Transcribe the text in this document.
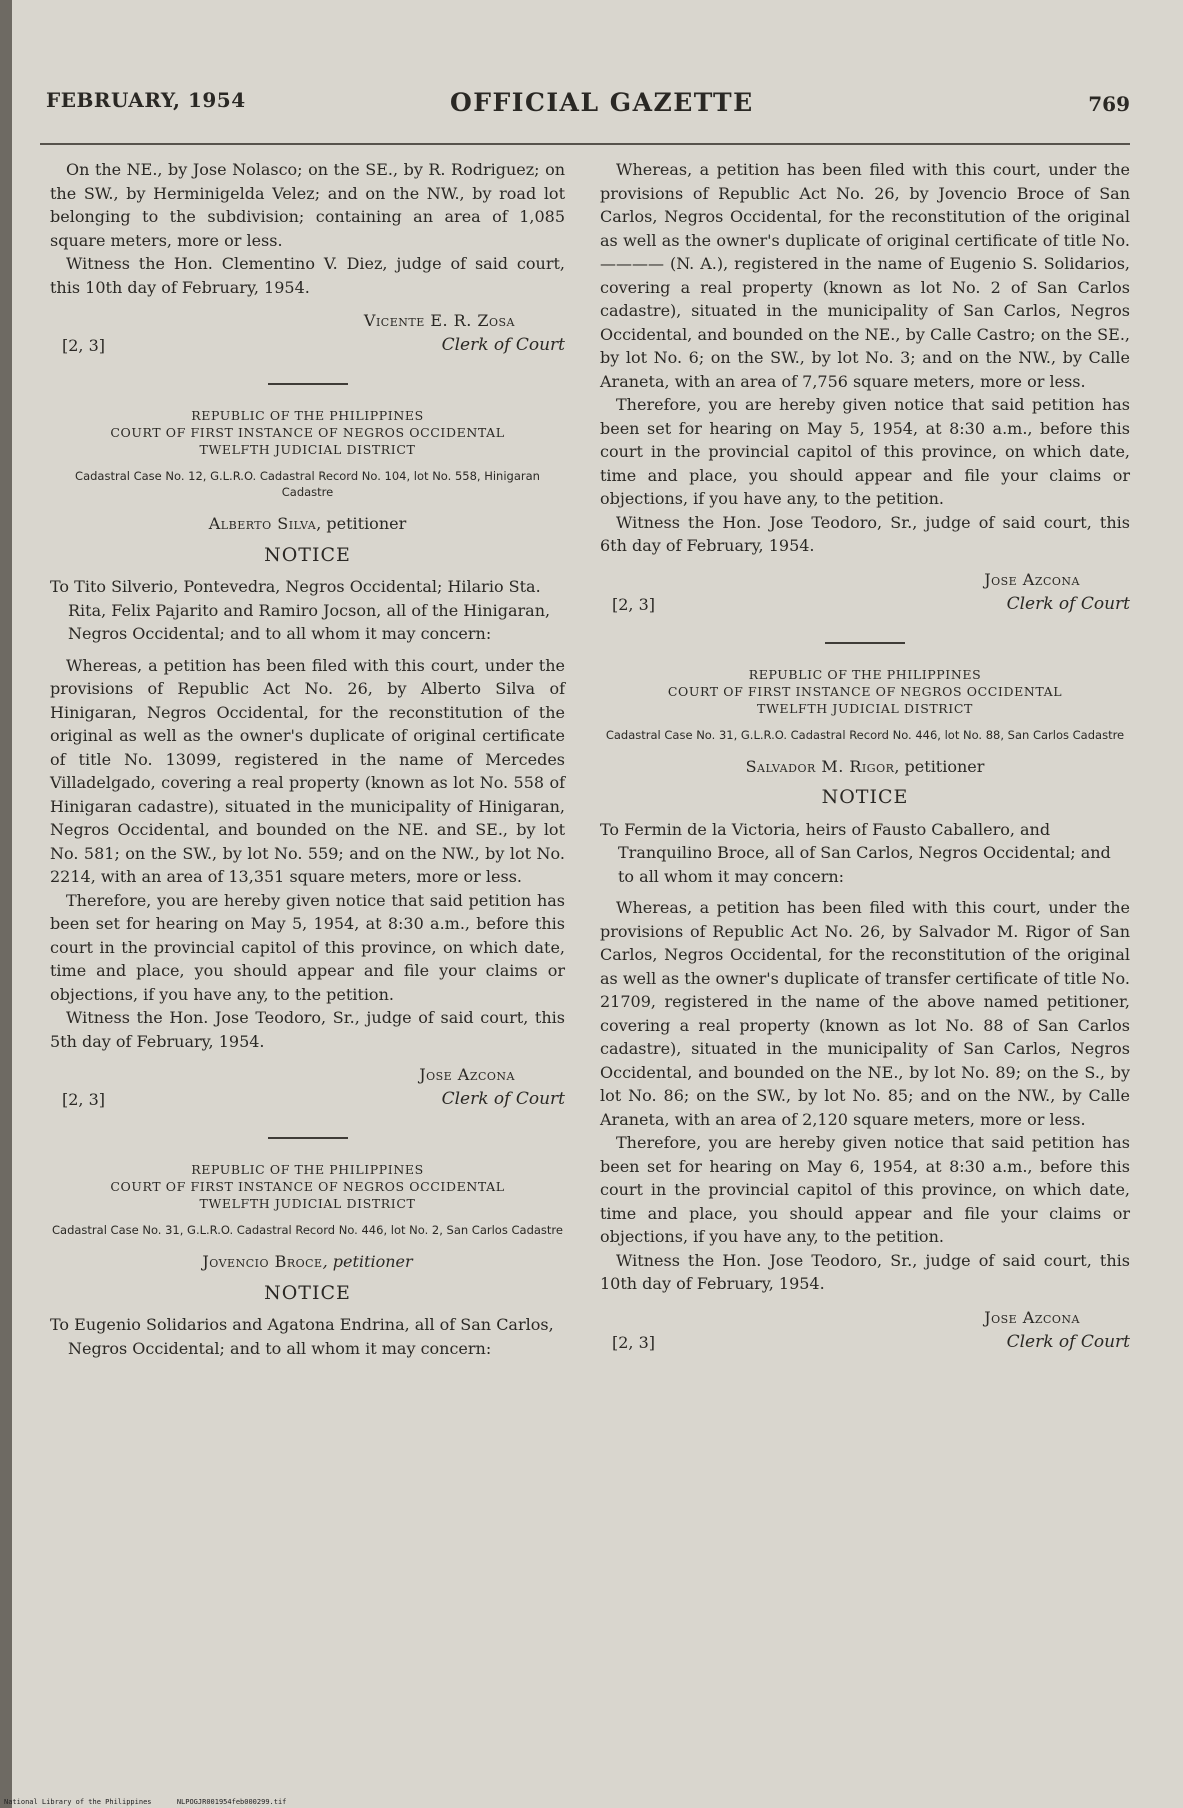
FEBRUARY, 1954	OFFICIAL GAZETTE	769

On the NE., by Jose Nolasco; on the SE., by R. Rodriguez; on the SW., by Herminigelda Velez; and on the NW., by road lot belonging to the subdivision; containing an area of 1,085 square meters, more or less.

Witness the Hon. Clementino V. Diez, judge of said court, this 10th day of February, 1954.

Vicente E. R. Zosa
[2, 3]	Clerk of Court
REPUBLIC OF THE PHILIPPINES
COURT OF FIRST INSTANCE OF NEGROS OCCIDENTAL
TWELFTH JUDICIAL DISTRICT
Cadastral Case No. 12, G.L.R.O. Cadastral Record No. 104, lot No. 558, Hinigaran Cadastre
Alberto Silva, petitioner
NOTICE

To Tito Silverio, Pontevedra, Negros Occidental; Hilario Sta. Rita, Felix Pajarito and Ramiro Jocson, all of the Hinigaran, Negros Occidental; and to all whom it may concern:

Whereas, a petition has been filed with this court, under the provisions of Republic Act No. 26, by Alberto Silva of Hinigaran, Negros Occidental, for the reconstitution of the original as well as the owner's duplicate of original certificate of title No. 13099, registered in the name of Mercedes Villadelgado, covering a real property (known as lot No. 558 of Hinigaran cadastre), situated in the municipality of Hinigaran, Negros Occidental, and bounded on the NE. and SE., by lot No. 581; on the SW., by lot No. 559; and on the NW., by lot No. 2214, with an area of 13,351 square meters, more or less.

Therefore, you are hereby given notice that said petition has been set for hearing on May 5, 1954, at 8:30 a.m., before this court in the provincial capitol of this province, on which date, time and place, you should appear and file your claims or objections, if you have any, to the petition.

Witness the Hon. Jose Teodoro, Sr., judge of said court, this 5th day of February, 1954.

Jose Azcona
[2, 3]	Clerk of Court
REPUBLIC OF THE PHILIPPINES
COURT OF FIRST INSTANCE OF NEGROS OCCIDENTAL
TWELFTH JUDICIAL DISTRICT
Cadastral Case No. 31, G.L.R.O. Cadastral Record No. 446, lot No. 2, San Carlos Cadastre
Jovencio Broce, petitioner
NOTICE

To Eugenio Solidarios and Agatona Endrina, all of San Carlos, Negros Occidental; and to all whom it may concern:

Whereas, a petition has been filed with this court, under the provisions of Republic Act No. 26, by Jovencio Broce of San Carlos, Negros Occidental, for the reconstitution of the original as well as the owner's duplicate of original certificate of title No. ———— (N. A.), registered in the name of Eugenio S. Solidarios, covering a real property (known as lot No. 2 of San Carlos cadastre), situated in the municipality of San Carlos, Negros Occidental, and bounded on the NE., by Calle Castro; on the SE., by lot No. 6; on the SW., by lot No. 3; and on the NW., by Calle Araneta, with an area of 7,756 square meters, more or less.

Therefore, you are hereby given notice that said petition has been set for hearing on May 5, 1954, at 8:30 a.m., before this court in the provincial capitol of this province, on which date, time and place, you should appear and file your claims or objections, if you have any, to the petition.

Witness the Hon. Jose Teodoro, Sr., judge of said court, this 6th day of February, 1954.

Jose Azcona
[2, 3]	Clerk of Court
REPUBLIC OF THE PHILIPPINES
COURT OF FIRST INSTANCE OF NEGROS OCCIDENTAL
TWELFTH JUDICIAL DISTRICT
Cadastral Case No. 31, G.L.R.O. Cadastral Record No. 446, lot No. 88, San Carlos Cadastre
Salvador M. Rigor, petitioner
NOTICE

To Fermin de la Victoria, heirs of Fausto Caballero, and Tranquilino Broce, all of San Carlos, Negros Occidental; and to all whom it may concern:

Whereas, a petition has been filed with this court, under the provisions of Republic Act No. 26, by Salvador M. Rigor of San Carlos, Negros Occidental, for the reconstitution of the original as well as the owner's duplicate of transfer certificate of title No. 21709, registered in the name of the above named petitioner, covering a real property (known as lot No. 88 of San Carlos cadastre), situated in the municipality of San Carlos, Negros Occidental, and bounded on the NE., by lot No. 89; on the S., by lot No. 86; on the SW., by lot No. 85; and on the NW., by Calle Araneta, with an area of 2,120 square meters, more or less.

Therefore, you are hereby given notice that said petition has been set for hearing on May 6, 1954, at 8:30 a.m., before this court in the provincial capitol of this province, on which date, time and place, you should appear and file your claims or objections, if you have any, to the petition.

Witness the Hon. Jose Teodoro, Sr., judge of said court, this 10th day of February, 1954.

Jose Azcona
[2, 3]	Clerk of Court
National Library of the Philippines	NLPOGJR001954feb000299.tif
